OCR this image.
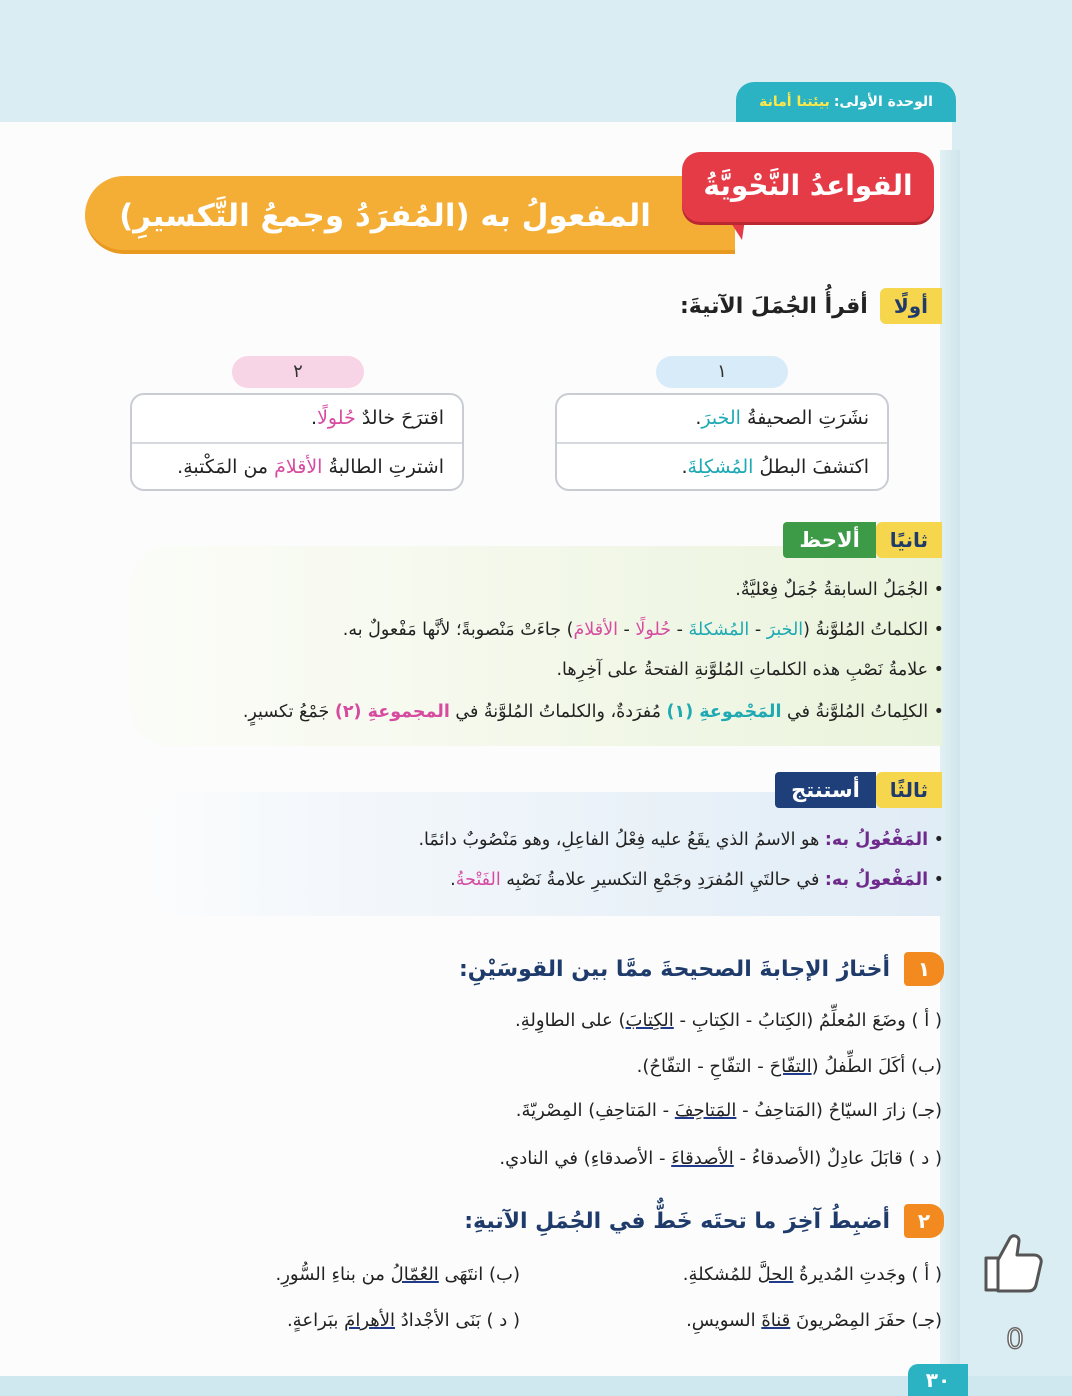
الوحدة الأولى:
بيئتنا أمانة
المفعولُ به (المُفرَدُ وجمعُ التَّكسيرِ)
القواعدُ النَّحْويَّةُ
أولًا
أقرأُ الجُمَلَ الآتيةَ:
١
نشَرَتِ الصحيفةُ الخبرَ.
اكتشفَ البطلُ المُشكِلةَ.
٢
اقترَحَ خالدٌ حُلولًا.
اشترتِ الطالبةُ الأقلامَ من المَكْتبةِ.
ثانيًا
ألاحظ
• الجُمَلُ السابقةُ جُمَلٌ فِعْليَّةٌ.
• الكلماتُ المُلوَّنةُ (الخبرَ - المُشكلةَ - حُلولًا - الأقلامَ) جاءَتْ مَنْصوبةً؛ لأنَّها مَفْعولٌ به.
• علامةُ نَصْبِ هذه الكلماتِ المُلوَّنةِ الفتحةُ على آخِرِها.
• الكلِماتُ المُلوَّنةُ في المَجْموعةِ (١) مُفرَدةٌ، والكلماتُ المُلوَّنةُ في المجموعةِ (٢) جَمْعُ تكسيرٍ.
ثالثًا
أستنتج
• المَفْعُولُ به: هو الاسمُ الذي يقَعُ عليه فِعْلُ الفاعِلِ، وهو مَنْصُوبٌ دائمًا.
• المَفْعولُ به: في حالتَيِ المُفرَدِ وجَمْعِ التكسيرِ علامةُ نَصْبِه الفَتْحةُ.
١
أختارُ الإجابةَ الصحيحةَ ممَّا بين القوسَيْنِ:
( أ ) وضَعَ المُعلِّمُ (الكِتابُ - الكِتابِ - الكِتابَ) على الطاوِلةِ.
(ب) أكَلَ الطِّفلُ (التفّاحَ - التفّاحِ - التفّاحُ).
(جـ) زارَ السيّاحُ (المَتاحِفُ - المَتاحِفَ - المَتاحِفِ) المِصْريّةَ.
( د ) قابَلَ عادِلٌ (الأصدقاءُ - الأصدقاءَ - الأصدقاءِ) في النادي.
٢
أضبِطُ آخِرَ ما تحتَه خَطٌّ في الجُمَلِ الآتيةِ:
( أ ) وجَدتِ المُديرةُ الحلَّ للمُشكلةِ.
(ب) انتَهَى العُمّالُ من بناءِ السُّورِ.
(جـ) حفَرَ المِصْريونَ قناةَ السويسِ.
( د ) بَنَى الأجْدادُ الأهرامَ ببَراعةٍ.
٣٠
0
